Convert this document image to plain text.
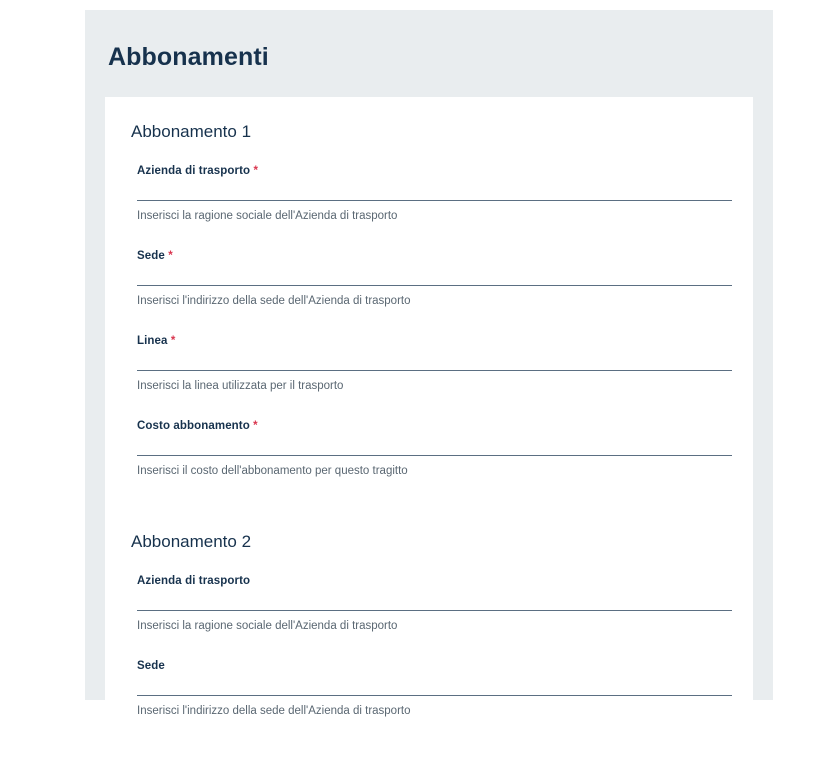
Abbonamenti
Abbonamento 1
Azienda di trasporto *
Inserisci la ragione sociale dell'Azienda di trasporto
Sede *
Inserisci l'indirizzo della sede dell'Azienda di trasporto
Linea *
Inserisci la linea utilizzata per il trasporto
Costo abbonamento *
Inserisci il costo dell'abbonamento per questo tragitto
Abbonamento 2
Azienda di trasporto
Inserisci la ragione sociale dell'Azienda di trasporto
Sede
Inserisci l'indirizzo della sede dell'Azienda di trasporto
